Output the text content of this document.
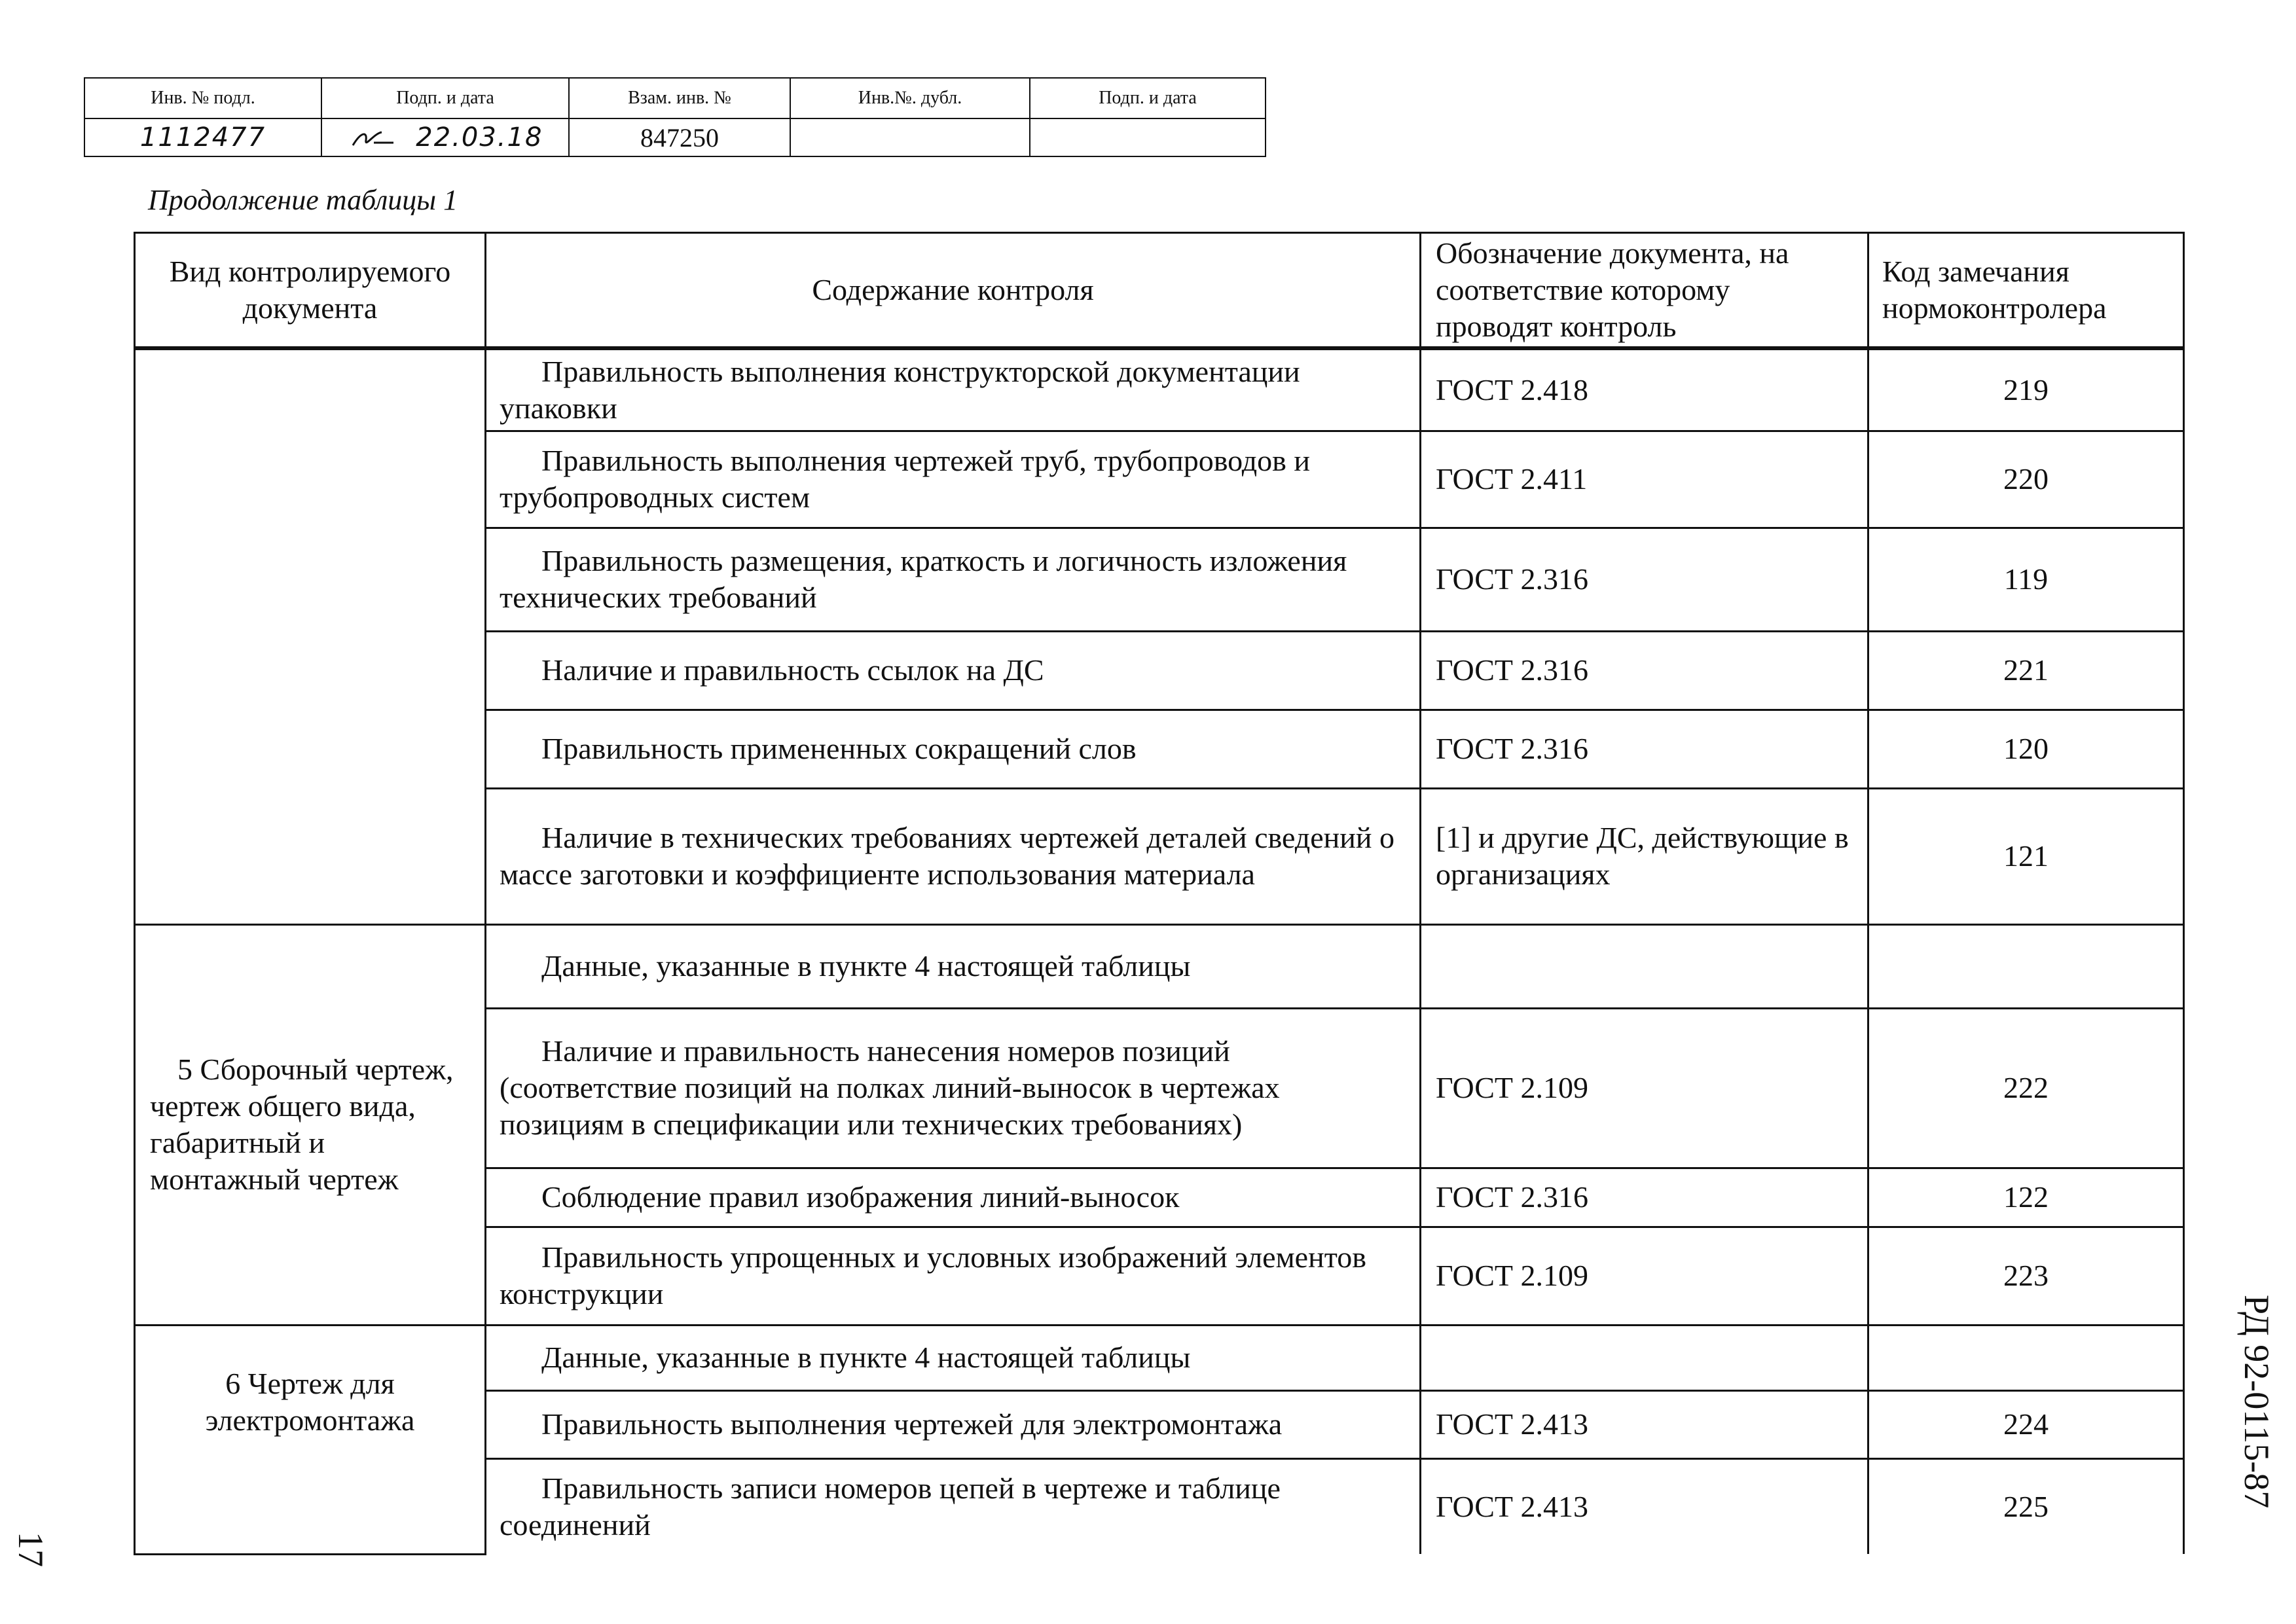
Инв. № подл.	Подп. и дата	Взам. инв. №	Инв.№. дубл.	Подп. и дата
1112477	22.03.18	847250		
Продолжение таблицы 1
Вид контролируемого документа	Содержание контроля	Обозначение документа, на соответствие которому проводят контроль	Код замечания нормоконтролера
	Правильность выполнения конструкторской документации упаковки	ГОСТ 2.418	219
	Правильность выполнения чертежей труб, трубопроводов и трубопроводных систем	ГОСТ 2.411	220
	Правильность размещения, краткость и логичность изложения технических требований	ГОСТ 2.316	119
	Наличие и правильность ссылок на ДС	ГОСТ 2.316	221
	Правильность примененных сокращений слов	ГОСТ 2.316	120
	Наличие в технических требованиях чертежей деталей сведений о массе заготовки и коэффициенте использования материала	[1] и другие ДС, действующие в организациях	121

5 Сборочный чертеж, чертеж общего вида, габаритный и монтажный чертеж	Данные, указанные в пункте 4 настоящей таблицы		
	Наличие и правильность нанесения номеров позиций (соответствие позиций на полках линий-выносок в чертежах позициям в спецификации или технических требованиях)	ГОСТ 2.109	222
	Соблюдение правил изображения линий-выносок	ГОСТ 2.316	122
	Правильность упрощенных и условных изображений элементов конструкции	ГОСТ 2.109	223

6 Чертеж для электромонтажа	Данные, указанные в пункте 4 настоящей таблицы		
	Правильность выполнения чертежей для электромонтажа	ГОСТ 2.413	224
	Правильность записи номеров цепей в чертеже и таблице соединений	ГОСТ 2.413	225
17
РД 92-0115-87
